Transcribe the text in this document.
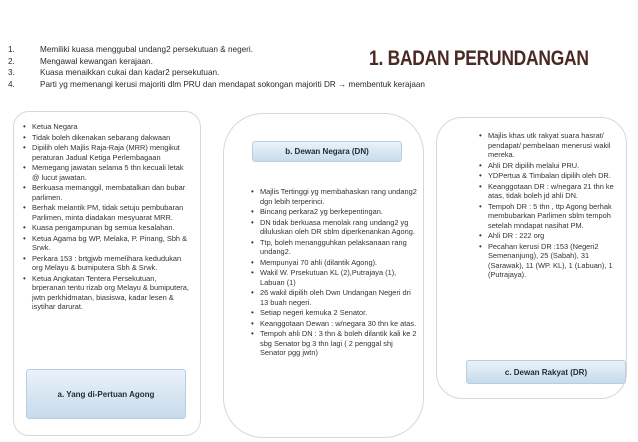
1.	Memiliki kuasa menggubal undang2 persekutuan & negeri.
2.	Mengawal kewangan kerajaan.
3.	Kuasa menaikkan cukai dan kadar2 persekutuan.
4.	Parti yg memenangi kerusi majoriti dlm PRU dan mendapat sokongan majoriti DR → membentuk kerajaan
1. BADAN PERUNDANGAN
• Ketua Negara
• Tidak boleh dikenakan sebarang dakwaan
• Dipilih oleh Majlis Raja-Raja (MRR) mengikut peraturan Jadual Ketiga Perlembagaan
• Memegang jawatan selama 5 thn kecuali letak @ lucut jawatan.
• Berkuasa memanggil, membatalkan dan bubar parlimen.
• Berhak melantik PM, tidak setuju pembubaran Parlimen, minta diadakan mesyuarat MRR.
• Kuasa pengampunan bg semua kesalahan.
• Ketua Agama bg WP, Melaka, P. Pinang, Sbh & Srwk.
• Perkara 153 : brtgjwb memelihara kedudukan org Melayu & bumiputera Sbh & Srwk.
• Ketua Angkatan Tentera Persekutuan, brperanan tentu rizab org Melayu & bumiputera, jwtn perkhidmatan, biasiswa, kadar lesen & isytihar darurat.
a. Yang di-Pertuan Agong
b. Dewan Negara (DN)
• Majlis Tertinggi yg membahaskan rang undang2 dgn lebih terperinci.
• Bincang perkara2 yg berkepentingan.
• DN tidak berkuasa menolak rang undang2 yg diluluskan oleh DR sblm diperkenankan Agong.
• Ttp, boleh menangguhkan pelaksanaan rang undang2.
• Mempunyai 70 ahli (dilantik Agong).
• Wakil W. Prsekutuan KL (2),Putrajaya (1), Labuan (1)
• 26 wakil dipilih oleh Dwn Undangan Negeri dri 13 buah negeri.
• Setiap negeri kemuka 2 Senator.
• Keanggotaan Dewan : w/negara 30 thn ke atas.
• Tempoh ahli DN : 3 thn & boleh dilantik kali ke 2 sbg Senator bg 3 thn lagi ( 2 penggal shj Senator pgg jwtn)
• Majlis khas utk rakyat suara hasrat/ pendapat/ pembelaan menerusi wakil mereka.
• Ahli DR dipilih melalui PRU.
• YDPertua & Timbalan dipilih oleh DR.
• Keanggotaan DR : w/negara 21 thn ke atas, tidak boleh jd ahli DN.
• Tempoh DR : 5 thn , ttp Agong berhak membubarkan Parlimen sblm tempoh setelah mndapat nasihat PM.
• Ahli DR : 222 org
• Pecahan kerusi DR :153 (Negeri2 Semenanjung), 25 (Sabah), 31 (Sarawak), 11 (WP. KL), 1 (Labuan), 1 (Putrajaya).
c. Dewan Rakyat (DR)
